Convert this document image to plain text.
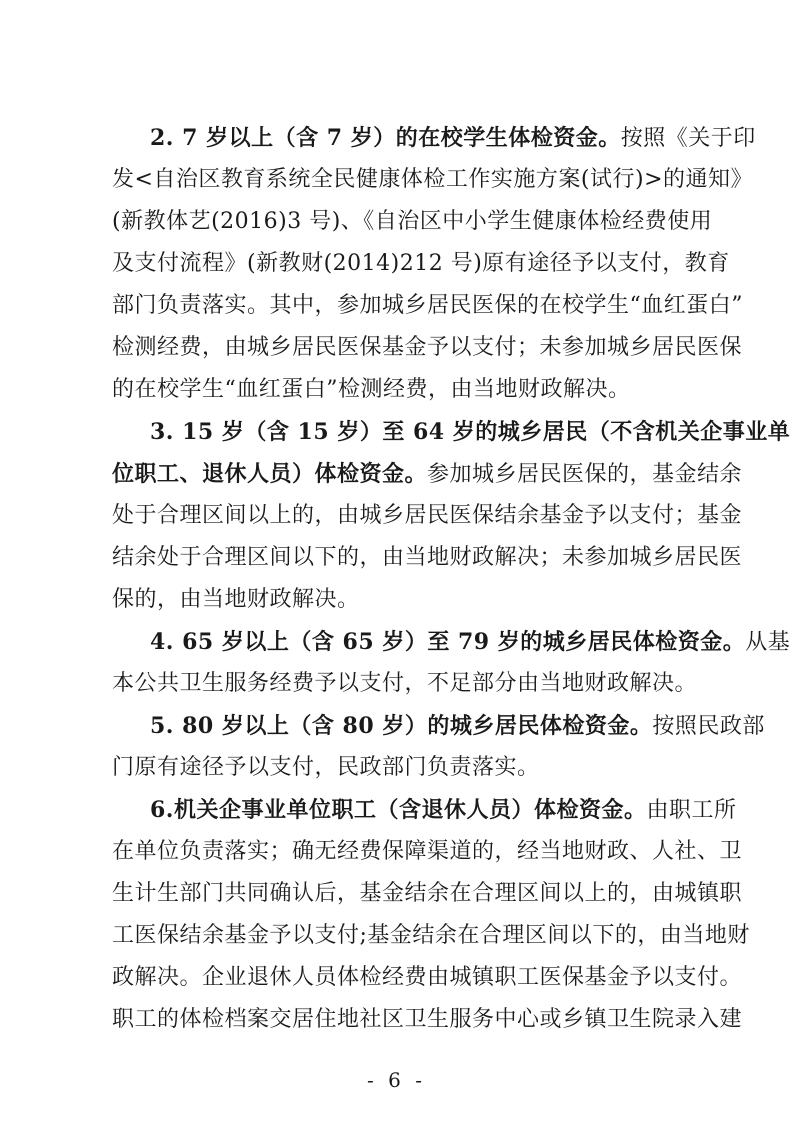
2. 7 岁以上（含 7 岁）的在校学生体检资金。按照《关于印
发<自治区教育系统全民健康体检工作实施方案(试行)>的通知》
(新教体艺(2016)3 号)、《自治区中小学生健康体检经费使用
及支付流程》(新教财(2014)212 号)原有途径予以支付，教育
部门负责落实。其中，参加城乡居民医保的在校学生“血红蛋白”
检测经费，由城乡居民医保基金予以支付；未参加城乡居民医保
的在校学生“血红蛋白”检测经费，由当地财政解决。
3. 15 岁（含 15 岁）至 64 岁的城乡居民（不含机关企事业单
位职工、退休人员）体检资金。参加城乡居民医保的，基金结余
处于合理区间以上的，由城乡居民医保结余基金予以支付；基金
结余处于合理区间以下的，由当地财政解决；未参加城乡居民医
保的，由当地财政解决。
4. 65 岁以上（含 65 岁）至 79 岁的城乡居民体检资金。从基
本公共卫生服务经费予以支付，不足部分由当地财政解决。
5. 80 岁以上（含 80 岁）的城乡居民体检资金。按照民政部
门原有途径予以支付，民政部门负责落实。
6.机关企事业单位职工（含退休人员）体检资金。由职工所
在单位负责落实；确无经费保障渠道的，经当地财政、人社、卫
生计生部门共同确认后，基金结余在合理区间以上的，由城镇职
工医保结余基金予以支付;基金结余在合理区间以下的，由当地财
政解决。企业退休人员体检经费由城镇职工医保基金予以支付。
职工的体检档案交居住地社区卫生服务中心或乡镇卫生院录入建
- 6 -
